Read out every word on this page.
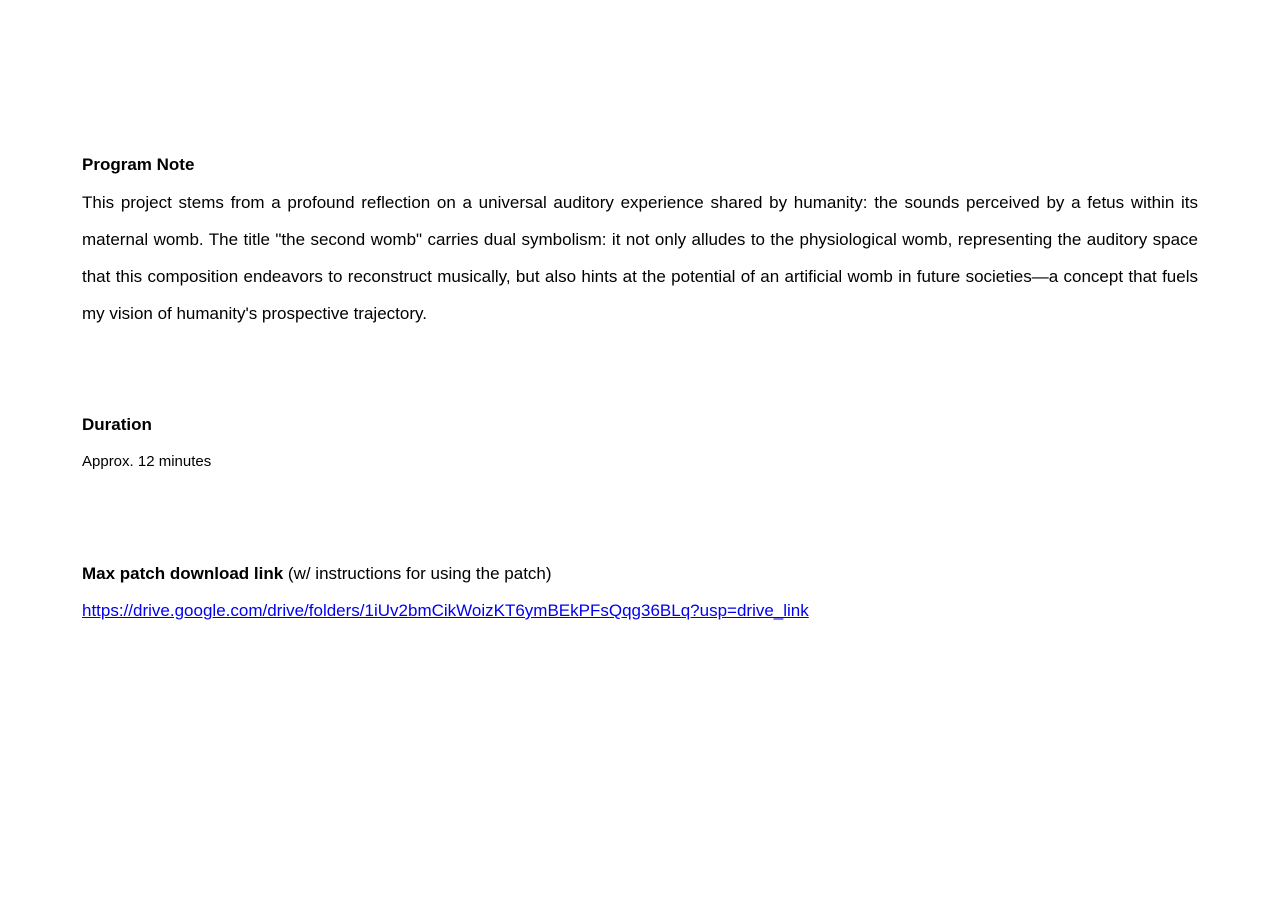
Program Note

This project stems from a profound reflection on a universal auditory experience shared by humanity: the sounds perceived by a fetus within its maternal womb. The title "the second womb" carries dual symbolism: it not only alludes to the physiological womb, representing the auditory space that this composition endeavors to reconstruct musically, but also hints at the potential of an artificial womb in future societies—a concept that fuels my vision of humanity's prospective trajectory.

Duration

Approx. 12 minutes

Max patch download link (w/ instructions for using the patch)

https://drive.google.com/drive/folders/1iUv2bmCikWoizKT6ymBEkPFsQqg36BLq?usp=drive_link
